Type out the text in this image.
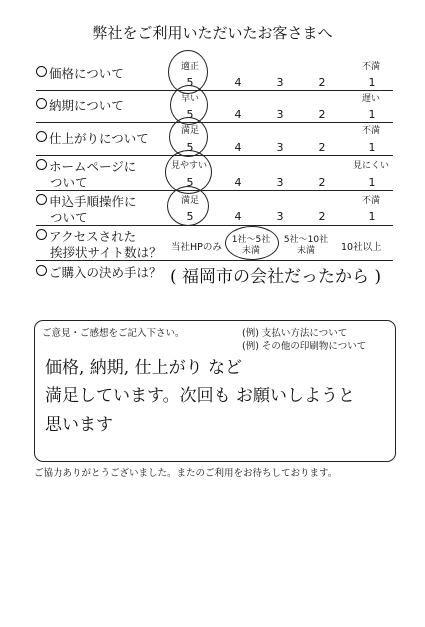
弊社をご利用いただいたお客さまへ
価格について	適正	不満
5	4	3	2	1
納期について	早い	遅い
5	4	3	2	1
仕上がりについて	満足	不満
5	4	3	2	1
ホームページに
ついて
見やすい	見にくい
5	4	3	2	1
申込手順操作に
ついて
満足	不満
5	4	3	2	1
アクセスされた
挨拶状サイト数は？ 当社HPのみ
1社～5社
未満
5社～10社
未満	10社以上
ご購入の決め手は？ ( 福岡市の会社だったから )
ご意見・ご感想をご記入下さい。	(例) 支払い方法について
(例) その他の印刷物について
価格, 納期, 仕上がり など
満足しています。次回も お願いしようと
思います
ご協力ありがとうございました。またのご利用をお待ちしております。
